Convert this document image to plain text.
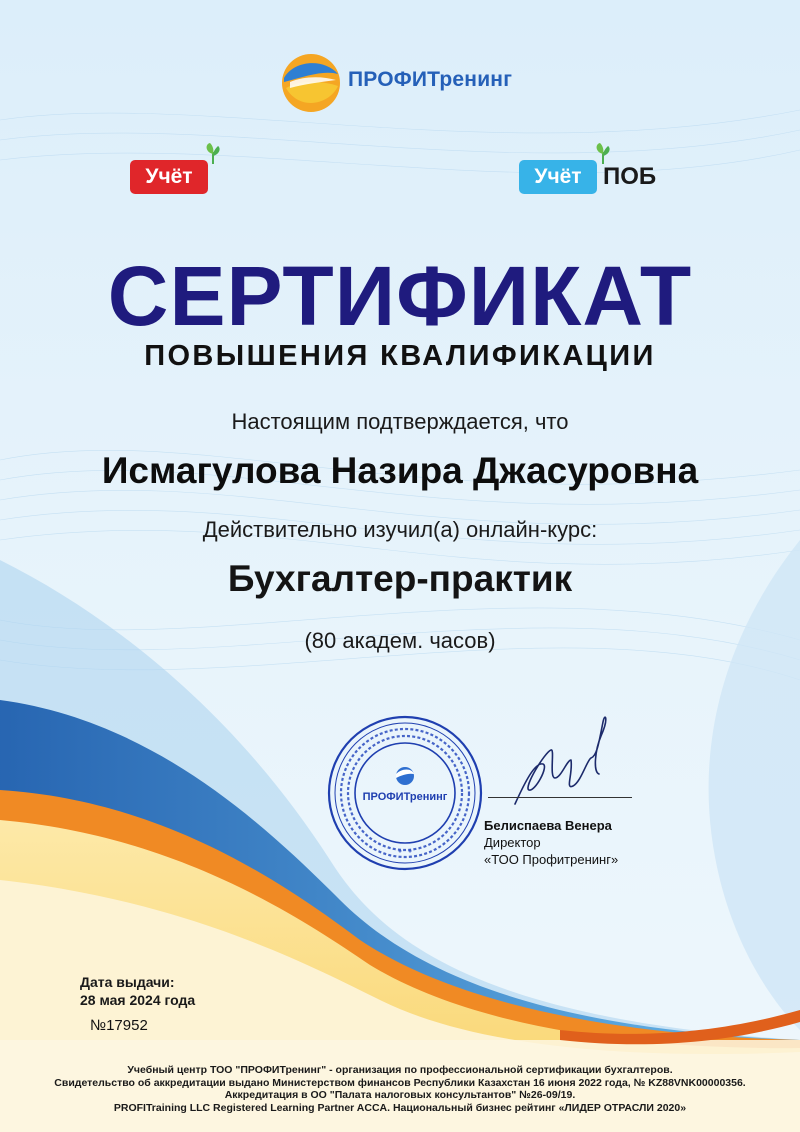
ПРОФИТренинг
Учёт	Учёт ПОБ
СЕРТИФИКАТ
ПОВЫШЕНИЯ КВАЛИФИКАЦИИ
Настоящим подтверждается, что
Исмагулова Назира Джасуровна
Действительно изучил(а) онлайн-курс:
Бухгалтер-практик
(80 академ. часов)
ПРОФИТренинг
Белиспаева Венера
Директор
«ТОО Профитренинг»
Дата выдачи:
28 мая 2024 года
№17952
Учебный центр ТОО "ПРОФИТренинг" - организация по профессиональной сертификации бухгалтеров.
Свидетельство об аккредитации выдано Министерством финансов Республики Казахстан 16 июня 2022 года, № KZ88VNK00000356.
Аккредитация в ОО "Палата налоговых консультантов" №26-09/19.
PROFITraining LLC Registered Learning Partner ACCA. Национальный бизнес рейтинг «ЛИДЕР ОТРАСЛИ 2020»
